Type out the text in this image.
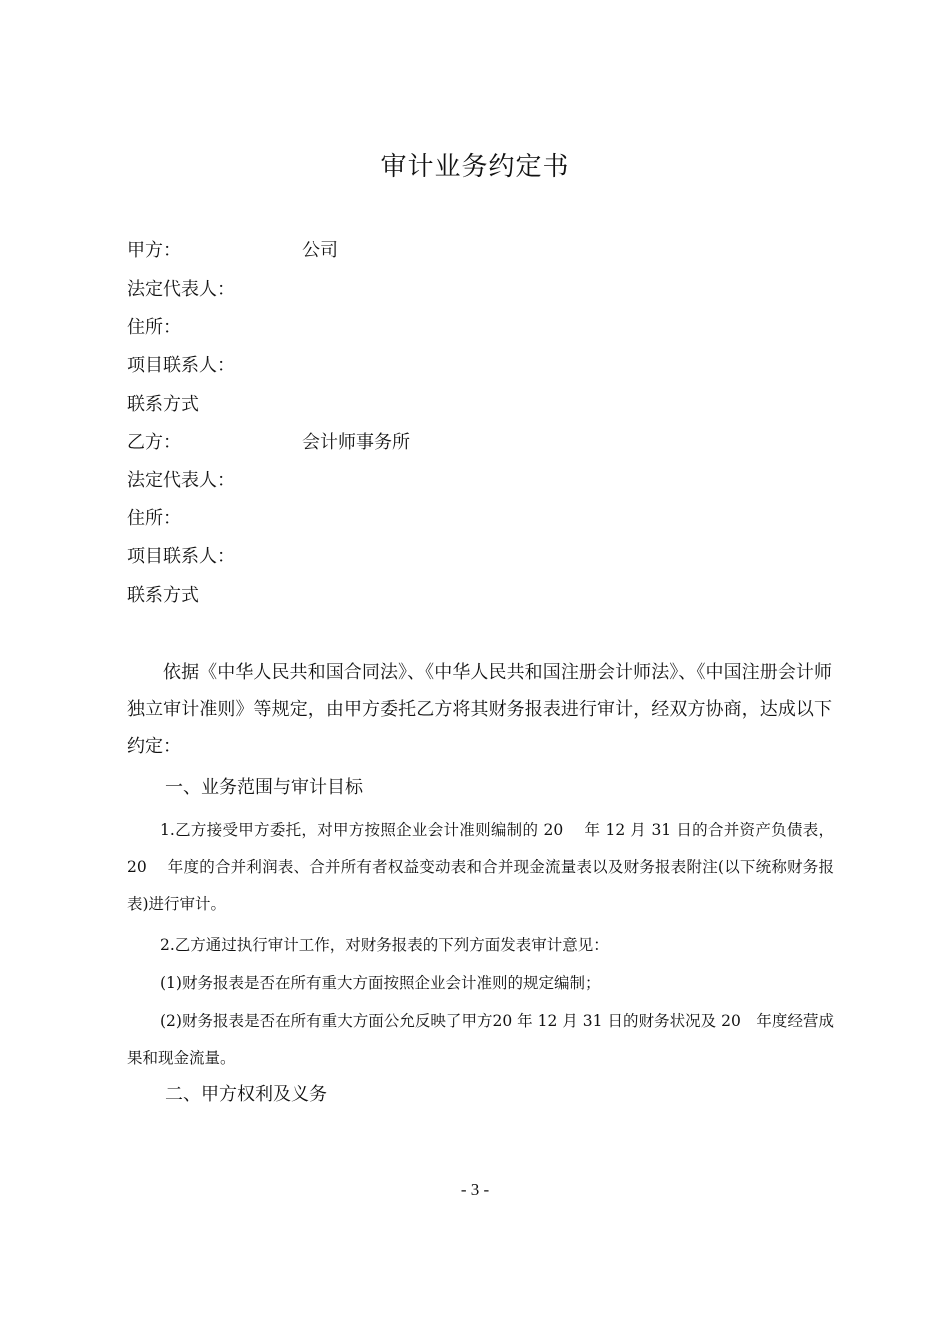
审计业务约定书
甲方：	公司
法定代表人：
住所：
项目联系人：
联系方式
乙方：	会计师事务所
法定代表人：
住所：
项目联系人：
联系方式
依据《中华人民共和国合同法》、《中华人民共和国注册会计师法》、《中国注册会计师独立审计准则》等规定，由甲方委托乙方将其财务报表进行审计，经双方协商，达成以下约定：
一、业务范围与审计目标
1.乙方接受甲方委托，对甲方按照企业会计准则编制的 20　 年 12 月 31 日的合并资产负债表，20　 年度的合并利润表、合并所有者权益变动表和合并现金流量表以及财务报表附注(以下统称财务报表)进行审计。
2.乙方通过执行审计工作，对财务报表的下列方面发表审计意见：
(1)财务报表是否在所有重大方面按照企业会计准则的规定编制；
(2)财务报表是否在所有重大方面公允反映了甲方20 年 12 月 31 日的财务状况及 20　年度经营成果和现金流量。
二、甲方权利及义务
- 3 -
